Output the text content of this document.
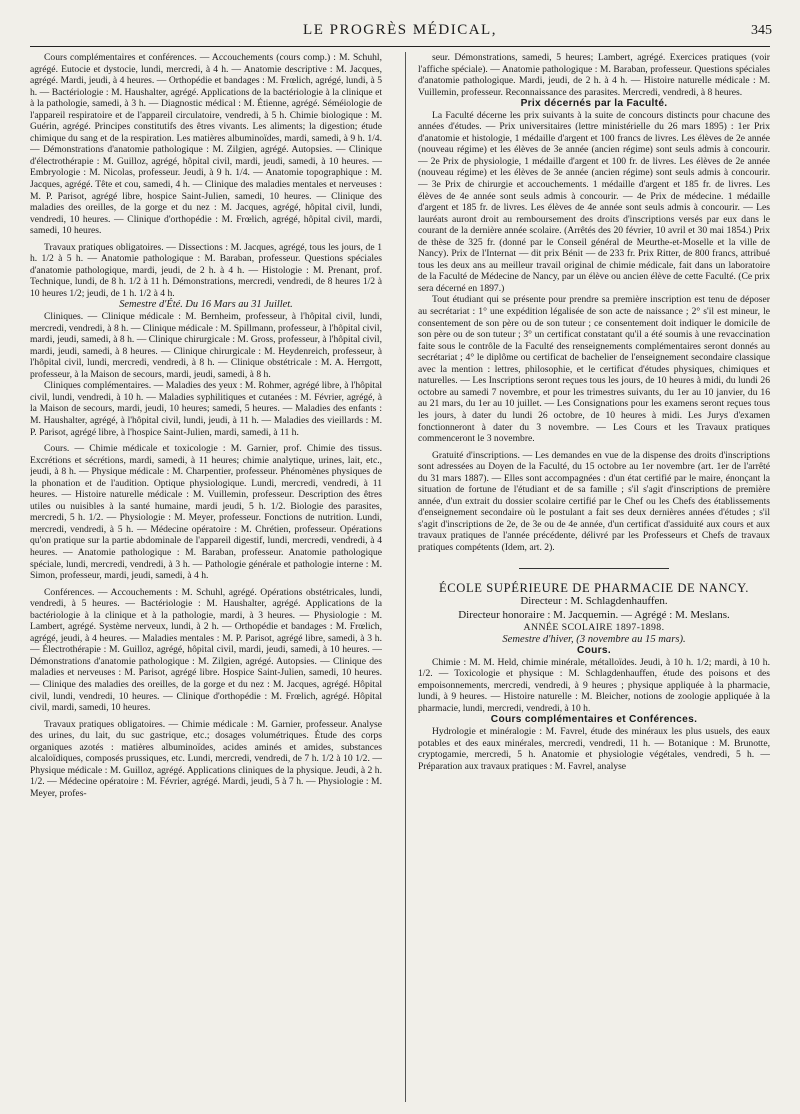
LE PROGRÈS MÉDICAL,	345

Cours complémentaires et conférences. — Accouchements (cours comp.) : M. Schuhl, agrégé. Eutocie et dystocie, lundi, mercredi, à 4 h. — Anatomie descriptive : M. Jacques, agrégé. Mardi, jeudi, à 4 heures. — Orthopédie et bandages : M. Frœlich, agrégé, lundi, à 5 h. — Bactériologie : M. Haushalter, agrégé. Applications de la bactériologie à la clinique et à la pathologie, samedi, à 3 h. — Diagnostic médical : M. Étienne, agrégé. Séméiologie de l'appareil respiratoire et de l'appareil circulatoire, vendredi, à 5 h. Chimie biologique : M. Guérin, agrégé. Principes constitutifs des êtres vivants. Les aliments; la digestion; étude chimique du sang et de la respiration. Les matières albuminoïdes, mardi, samedi, à 9 h. 1/4. — Démonstrations d'anatomie pathologique : M. Zilgien, agrégé. Autopsies. — Clinique d'électrothérapie : M. Guilloz, agrégé, hôpital civil, mardi, jeudi, samedi, à 10 heures. — Embryologie : M. Nicolas, professeur. Jeudi, à 9 h. 1/4. — Anatomie topographique : M. Jacques, agrégé. Tête et cou, samedi, 4 h. — Clinique des maladies mentales et nerveuses : M. P. Parisot, agrégé libre, hospice Saint-Julien, samedi, 10 heures. — Clinique des maladies des oreilles, de la gorge et du nez : M. Jacques, agrégé, hôpital civil, lundi, vendredi, 10 heures. — Clinique d'orthopédie : M. Frœlich, agrégé, hôpital civil, mardi, samedi, 10 heures.

Travaux pratiques obligatoires. — Dissections : M. Jacques, agrégé, tous les jours, de 1 h. 1/2 à 5 h. — Anatomie pathologique : M. Baraban, professeur. Questions spéciales d'anatomie pathologique, mardi, jeudi, de 2 h. à 4 h. — Histologie : M. Prenant, prof. Technique, lundi, de 8 h. 1/2 à 11 h. Démonstrations, mercredi, vendredi, de 8 heures 1/2 à 10 heures 1/2; jeudi, de 1 h. 1/2 à 4 h.

Semestre d'Été. Du 16 Mars au 31 Juillet.

Cliniques. — Clinique médicale : M. Bernheim, professeur, à l'hôpital civil, lundi, mercredi, vendredi, à 8 h. — Clinique médicale : M. Spillmann, professeur, à l'hôpital civil, mardi, jeudi, samedi, à 8 h. — Clinique chirurgicale : M. Gross, professeur, à l'hôpital civil, mardi, jeudi, samedi, à 8 heures. — Clinique chirurgicale : M. Heydenreich, professeur, à l'hôpital civil, lundi, mercredi, vendredi, à 8 h. — Clinique obstétricale : M. A. Herrgott, professeur, à la Maison de secours, mardi, jeudi, samedi, à 8 h.

Cliniques complémentaires. — Maladies des yeux : M. Rohmer, agrégé libre, à l'hôpital civil, lundi, vendredi, à 10 h. — Maladies syphilitiques et cutanées : M. Février, agrégé, à la Maison de secours, mardi, jeudi, 10 heures; samedi, 5 heures. — Maladies des enfants : M. Haushalter, agrégé, à l'hôpital civil, lundi, jeudi, à 11 h. — Maladies des vieillards : M. P. Parisot, agrégé libre, à l'hospice Saint-Julien, mardi, samedi, à 11 h.

Cours. — Chimie médicale et toxicologie : M. Garnier, prof. Chimie des tissus. Excrétions et sécrétions, mardi, samedi, à 11 heures; chimie analytique, urines, lait, etc., jeudi, à 8 h. — Physique médicale : M. Charpentier, professeur. Phénomènes physiques de la phonation et de l'audition. Optique physiologique. Lundi, mercredi, vendredi, à 11 heures. — Histoire naturelle médicale : M. Vuillemin, professeur. Description des êtres utiles ou nuisibles à la santé humaine, mardi jeudi, 5 h. 1/2. Biologie des parasites, mercredi, 5 h. 1/2. — Physiologie : M. Meyer, professeur. Fonctions de nutrition. Lundi, mercredi, vendredi, à 5 h. — Médecine opératoire : M. Chrétien, professeur. Opérations qu'on pratique sur la partie abdominale de l'appareil digestif, lundi, mercredi, vendredi, à 4 heures. — Anatomie pathologique : M. Baraban, professeur. Anatomie pathologique spéciale, lundi, mercredi, vendredi, à 3 h. — Pathologie générale et pathologie interne : M. Simon, professeur, mardi, jeudi, samedi, à 4 h.

Conférences. — Accouchements : M. Schuhl, agrégé. Opérations obstétricales, lundi, vendredi, à 5 heures. — Bactériologie : M. Haushalter, agrégé. Applications de la bactériologie à la clinique et à la pathologie, mardi, à 3 heures. — Physiologie : M. Lambert, agrégé. Système nerveux, lundi, à 2 h. — Orthopédie et bandages : M. Frœlich, agrégé, jeudi, à 4 heures. — Maladies mentales : M. P. Parisot, agrégé libre, samedi, à 3 h. — Électrothérapie : M. Guilloz, agrégé, hôpital civil, mardi, jeudi, samedi, à 10 heures. — Démonstrations d'anatomie pathologique : M. Zilgien, agrégé. Autopsies. — Clinique des maladies et nerveuses : M. Parisot, agrégé libre. Hospice Saint-Julien, samedi, 10 heures. — Clinique des maladies des oreilles, de la gorge et du nez : M. Jacques, agrégé. Hôpital civil, lundi, vendredi, 10 heures. — Clinique d'orthopédie : M. Frœlich, agrégé. Hôpital civil, mardi, samedi, 10 heures.

Travaux pratiques obligatoires. — Chimie médicale : M. Garnier, professeur. Analyse des urines, du lait, du suc gastrique, etc.; dosages volumétriques. Étude des corps organiques azotés : matières albuminoïdes, acides aminés et amides, substances alcaloïdiques, composés prussiques, etc. Lundi, mercredi, vendredi, de 7 h. 1/2 à 10 1/2. — Physique médicale : M. Guilloz, agrégé. Applications cliniques de la physique. Jeudi, à 2 h. 1/2. — Médecine opératoire : M. Février, agrégé. Mardi, jeudi, 5 à 7 h. — Physiologie : M. Meyer, profes-

seur. Démonstrations, samedi, 5 heures; Lambert, agrégé. Exercices pratiques (voir l'affiche spéciale). — Anatomie pathologique : M. Baraban, professeur. Questions spéciales d'anatomie pathologique. Mardi, jeudi, de 2 h. à 4 h. — Histoire naturelle médicale : M. Vuillemin, professeur. Reconnaissance des parasites. Mercredi, vendredi, à 8 heures.

Prix décernés par la Faculté.

La Faculté décerne les prix suivants à la suite de concours distincts pour chacune des années d'études. — Prix universitaires (lettre ministérielle du 26 mars 1895) : 1er Prix d'anatomie et histologie, 1 médaille d'argent et 100 francs de livres. Les élèves de 2e année (nouveau régime) et les élèves de 3e année (ancien régime) sont seuls admis à concourir. — 2e Prix de physiologie, 1 médaille d'argent et 100 fr. de livres. Les élèves de 2e année (nouveau régime) et les élèves de 3e année (ancien régime) sont seuls admis à concourir. — 3e Prix de chirurgie et accouchements. 1 médaille d'argent et 185 fr. de livres. Les élèves de 4e année sont seuls admis à concourir. — 4e Prix de médecine. 1 médaille d'argent et 185 fr. de livres. Les élèves de 4e année sont seuls admis à concourir. — Les lauréats auront droit au remboursement des droits d'inscriptions versés par eux dans le courant de la dernière année scolaire. (Arrêtés des 20 février, 10 avril et 30 mai 1854.) Prix de thèse de 325 fr. (donné par le Conseil général de Meurthe-et-Moselle et la ville de Nancy). Prix de l'Internat — dit prix Bénit — de 233 fr. Prix Ritter, de 800 francs, attribué tous les deux ans au meilleur travail original de chimie médicale, fait dans un laboratoire de la Faculté de Médecine de Nancy, par un élève ou ancien élève de cette Faculté. (Ce prix sera décerné en 1897.)

Tout étudiant qui se présente pour prendre sa première inscription est tenu de déposer au secrétariat : 1° une expédition légalisée de son acte de naissance ; 2° s'il est mineur, le consentement de son père ou de son tuteur ; ce consentement doit indiquer le domicile de son père ou de son tuteur ; 3° un certificat constatant qu'il a été soumis à une revaccination faite sous le contrôle de la Faculté des renseignements complémentaires seront donnés au secrétariat ; 4° le diplôme ou certificat de bachelier de l'enseignement secondaire classique avec la mention : lettres, philosophie, et le certificat d'études physiques, chimiques et naturelles. — Les Inscriptions seront reçues tous les jours, de 10 heures à midi, du lundi 26 octobre au samedi 7 novembre, et pour les trimestres suivants, du 1er au 10 janvier, du 16 au 21 mars, du 1er au 10 juillet. — Les Consignations pour les examens seront reçues tous les jours, à dater du lundi 26 octobre, de 10 heures à midi. Les Jurys d'examen fonctionneront à dater du 3 novembre. — Les Cours et les Travaux pratiques commenceront le 3 novembre.

Gratuité d'inscriptions. — Les demandes en vue de la dispense des droits d'inscriptions sont adressées au Doyen de la Faculté, du 15 octobre au 1er novembre (art. 1er de l'arrêté du 31 mars 1887). — Elles sont accompagnées : d'un état certifié par le maire, énonçant la situation de fortune de l'étudiant et de sa famille ; s'il s'agit d'inscriptions de première année, d'un extrait du dossier scolaire certifié par le Chef ou les Chefs des établissements d'enseignement secondaire où le postulant a fait ses deux dernières années d'études ; s'il s'agit d'inscriptions de 2e, de 3e ou de 4e année, d'un certificat d'assiduité aux cours et aux travaux pratiques de l'année précédente, délivré par les Professeurs et Chefs de travaux pratiques compétents (Idem, art. 2).

ÉCOLE SUPÉRIEURE DE PHARMACIE DE NANCY.

Directeur : M. Schlagdenhauffen.

Directeur honoraire : M. Jacquemin. — Agrégé : M. Meslans.

ANNÉE SCOLAIRE 1897-1898.

Semestre d'hiver, (3 novembre au 15 mars).

Cours.

Chimie : M. M. Held, chimie minérale, métalloïdes. Jeudi, à 10 h. 1/2; mardi, à 10 h. 1/2. — Toxicologie et physique : M. Schlagdenhauffen, étude des poisons et des empoisonnements, mercredi, vendredi, à 9 heures ; physique appliquée à la pharmacie, lundi, à 9 heures. — Histoire naturelle : M. Bleicher, notions de zoologie appliquée à la pharmacie, lundi, mercredi, vendredi, à 10 h.

Cours complémentaires et Conférences.

Hydrologie et minéralogie : M. Favrel, étude des minéraux les plus usuels, des eaux potables et des eaux minérales, mercredi, vendredi, 11 h. — Botanique : M. Brunotte, cryptogamie, mercredi, 5 h. Anatomie et physiologie végétales, vendredi, 5 h. — Préparation aux travaux pratiques : M. Favrel, analyse
